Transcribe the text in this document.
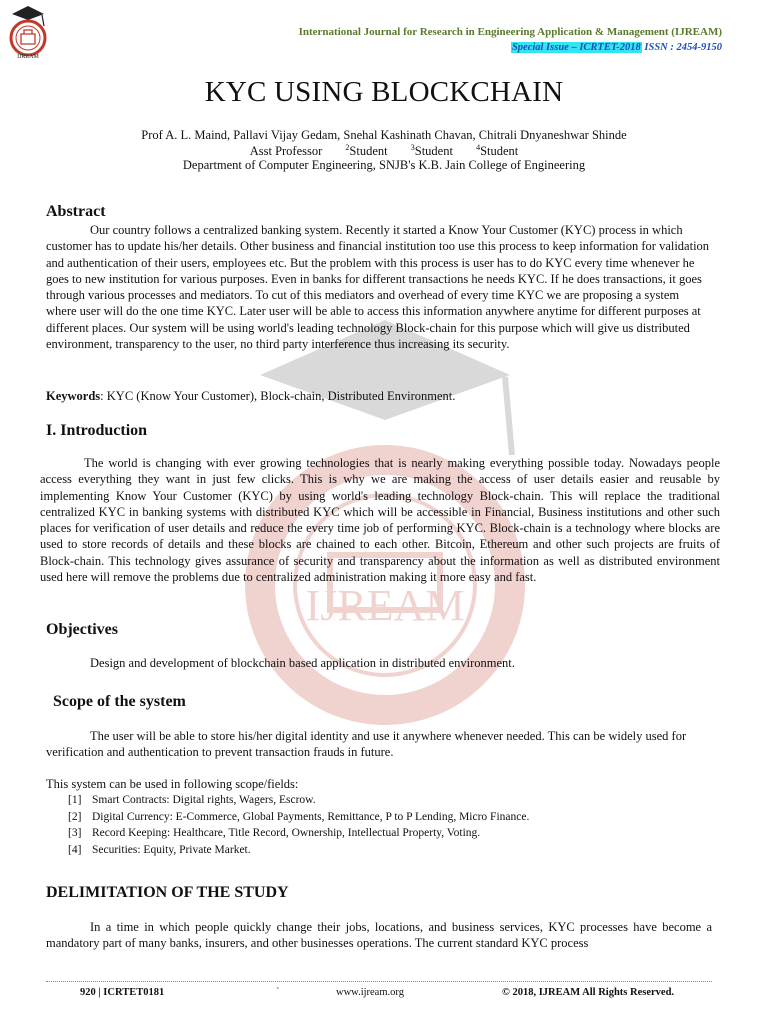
IJREAM
International Journal for Research in Engineering Application & Management (IJREAM)
Special Issue – ICRTET-2018 ISSN : 2454-9150
IJREAM
KYC USING BLOCKCHAIN
Prof A. L. Maind, Pallavi Vijay Gedam, Snehal Kashinath Chavan, Chitrali Dnyaneshwar Shinde
Asst Professor	$^2$Student	$^3$Student	$^4$Student
Department of Computer Engineering, SNJB's K.B. Jain College of Engineering
Abstract

Our country follows a centralized banking system. Recently it started a Know Your Customer (KYC) process in which customer has to update his/her details. Other business and financial institution too use this process to keep information for validation and authentication of their users, employees etc. But the problem with this process is user has to do KYC every time whenever he goes to new institution for various purposes. Even in banks for different transactions he needs KYC. If he does transactions, it goes through various processes and mediators. To cut of this mediators and overhead of every time KYC we are proposing a system where user will do the one time KYC. Later user will be able to access this information anywhere anytime for different purposes at different places. Our system will be using world's leading technology Block-chain for this purpose which will give us distributed environment, transparency to the user, no third party interference thus increasing its security.

Keywords: KYC (Know Your Customer), Block-chain, Distributed Environment.
I. Introduction

The world is changing with ever growing technologies that is nearly making everything possible today. Nowadays people access everything they want in just few clicks. This is why we are making the access of user details easier and reusable by implementing Know Your Customer (KYC) by using world's leading technology Block-chain. This will replace the traditional centralized KYC in banking systems with distributed KYC which will be accessible in Financial, Business institutions and other such places for verification of user details and reduce the every time job of performing KYC. Block-chain is a technology where blocks are used to store records of details and these blocks are chained to each other. Bitcoin, Ethereum and other such projects are fruits of Block-chain. This technology gives assurance of security and transparency about the information as well as distributed environment used here will remove the problems due to centralized administration making it more easy and fast.

Objectives

Design and development of blockchain based application in distributed environment.

Scope of the system

The user will be able to store his/her digital identity and use it anywhere whenever needed. This can be widely used for verification and authentication to prevent transaction frauds in future.

This system can be used in following scope/fields:
[1] Smart Contracts: Digital rights, Wagers, Escrow.
[2] Digital Currency: E-Commerce, Global Payments, Remittance, P to P Lending, Micro Finance.
[3] Record Keeping: Healthcare, Title Record, Ownership, Intellectual Property, Voting.
[4] Securities: Equity, Private Market.
DELIMITATION OF THE STUDY

In a time in which people quickly change their jobs, locations, and business services, KYC processes have become a mandatory part of many banks, insurers, and other businesses operations. The current standard KYC process

920 | ICRTET0181	`	www.ijream.org	© 2018, IJREAM All Rights Reserved.
